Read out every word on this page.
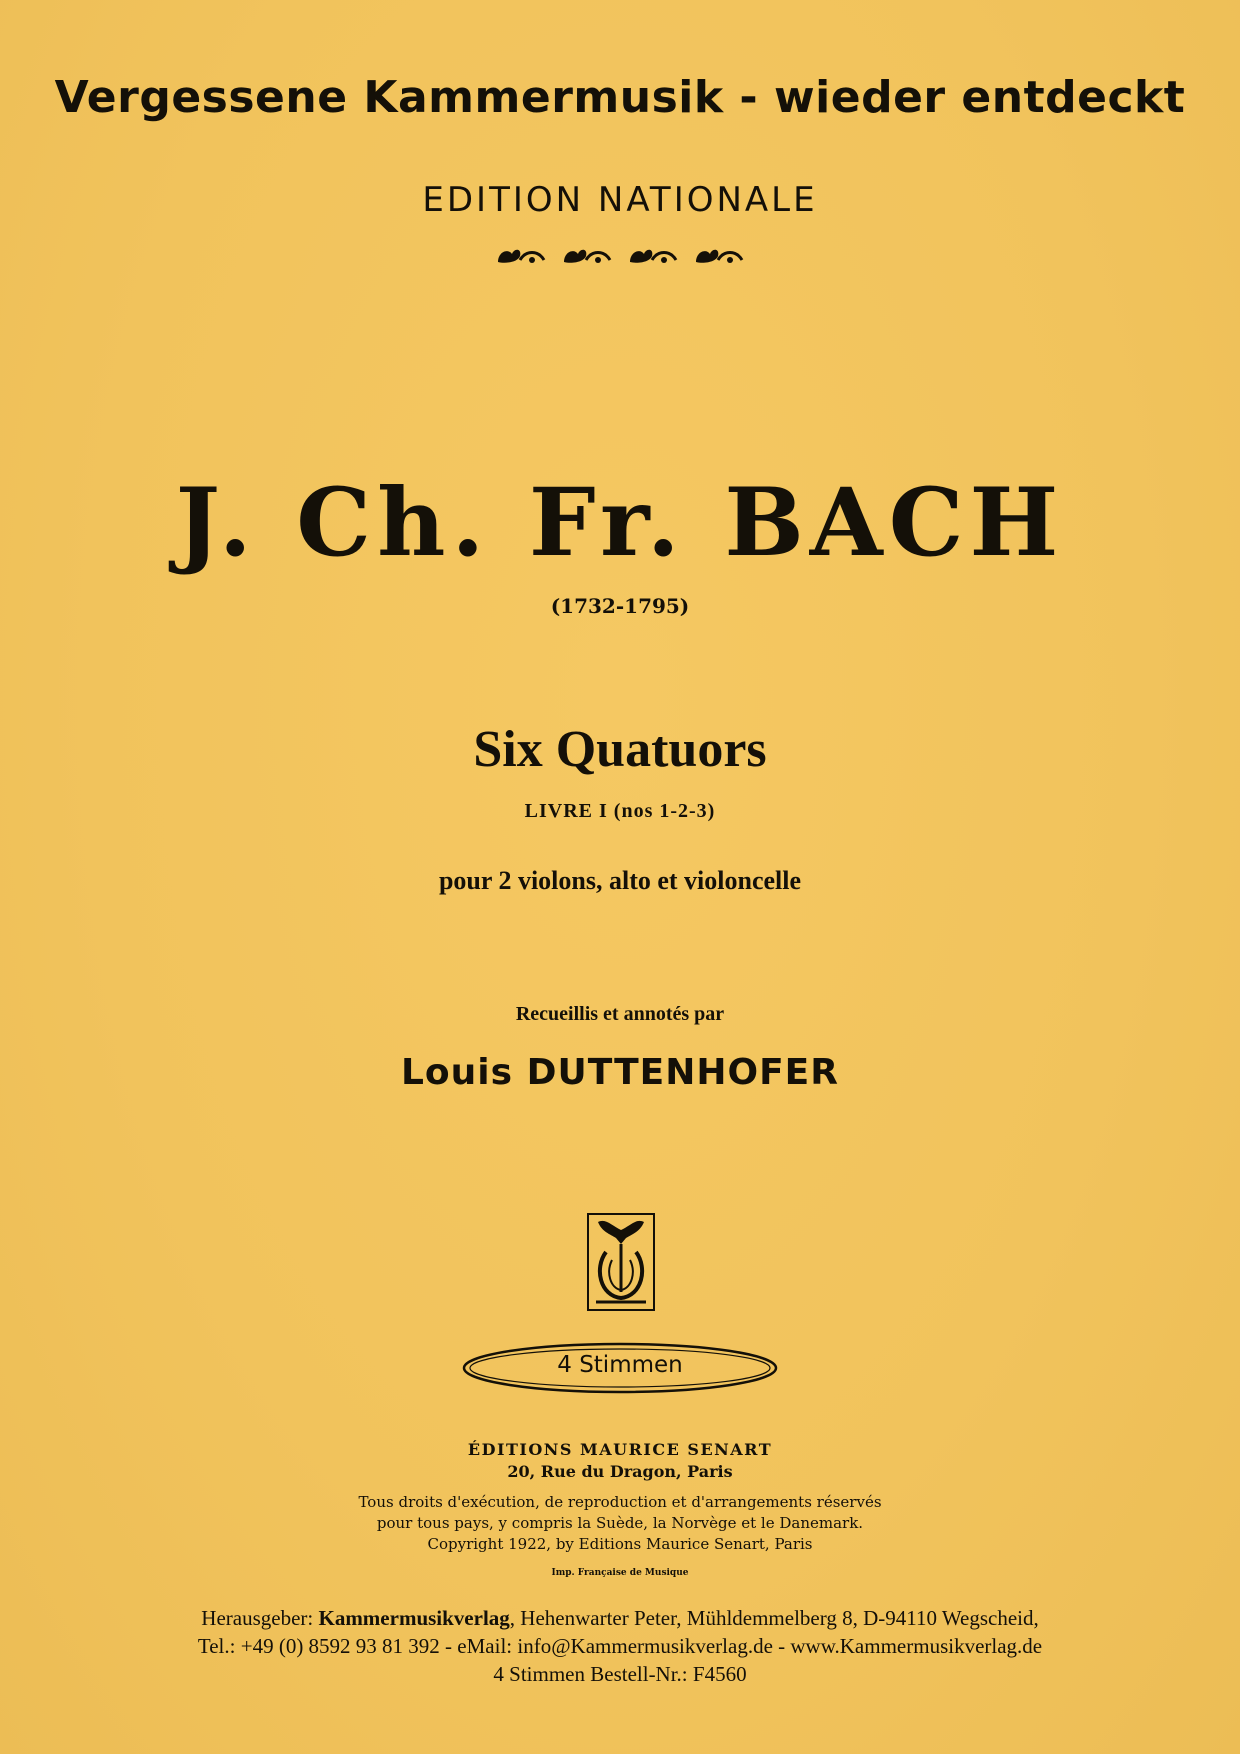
Vergessene Kammermusik - wieder entdeckt
EDITION NATIONALE
J. Ch. Fr. BACH
(1732-1795)
Six Quatuors
LIVRE I (nos 1-2-3)
pour 2 violons, alto et violoncelle
Recueillis et annotés par
Louis DUTTENHOFER
4 Stimmen
ÉDITIONS MAURICE SENART
20, Rue du Dragon, Paris
Tous droits d'exécution, de reproduction et d'arrangements réservés
pour tous pays, y compris la Suède, la Norvège et le Danemark.
Copyright 1922, by Editions Maurice Senart, Paris
Imp. Française de Musique
Herausgeber: Kammermusikverlag, Hehenwarter Peter, Mühldemmelberg 8, D-94110 Wegscheid,
Tel.: +49 (0) 8592 93 81 392 - eMail: info@Kammermusikverlag.de - www.Kammermusikverlag.de
4 Stimmen Bestell-Nr.: F4560
